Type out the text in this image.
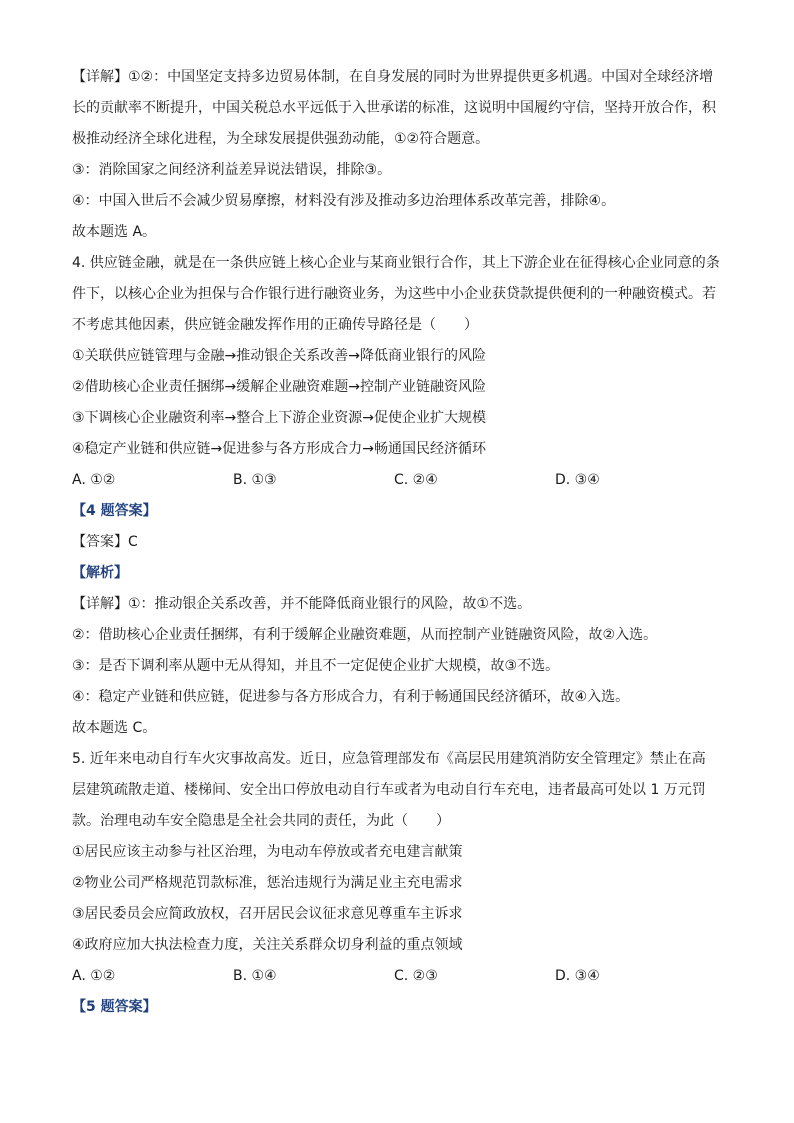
【详解】①②：中国坚定支持多边贸易体制，在自身发展的同时为世界提供更多机遇。中国对全球经济增
长的贡献率不断提升，中国关税总水平远低于入世承诺的标准，这说明中国履约守信，坚持开放合作，积
极推动经济全球化进程，为全球发展提供强劲动能，①②符合题意。
③：消除国家之间经济利益差异说法错误，排除③。
④：中国入世后不会减少贸易摩擦，材料没有涉及推动多边治理体系改革完善，排除④。
故本题选 A。
4. 供应链金融，就是在一条供应链上核心企业与某商业银行合作，其上下游企业在征得核心企业同意的条
件下，以核心企业为担保与合作银行进行融资业务，为这些中小企业获贷款提供便利的一种融资模式。若
不考虑其他因素，供应链金融发挥作用的正确传导路径是（　　）
①关联供应链管理与金融→推动银企关系改善→降低商业银行的风险
②借助核心企业责任捆绑→缓解企业融资难题→控制产业链融资风险
③下调核心企业融资利率→整合上下游企业资源→促使企业扩大规模
④稳定产业链和供应链→促进参与各方形成合力→畅通国民经济循环
A. ①②	B. ①③	C. ②④	D. ③④
【4 题答案】
【答案】C
【解析】
【详解】①：推动银企关系改善，并不能降低商业银行的风险，故①不选。
②：借助核心企业责任捆绑，有利于缓解企业融资难题，从而控制产业链融资风险，故②入选。
③：是否下调利率从题中无从得知，并且不一定促使企业扩大规模，故③不选。
④：稳定产业链和供应链，促进参与各方形成合力，有利于畅通国民经济循环，故④入选。
故本题选 C。
5. 近年来电动自行车火灾事故高发。近日，应急管理部发布《高层民用建筑消防安全管理定》禁止在高
层建筑疏散走道、楼梯间、安全出口停放电动自行车或者为电动自行车充电，违者最高可处以 1 万元罚
款。治理电动车安全隐患是全社会共同的责任，为此（　　）
①居民应该主动参与社区治理，为电动车停放或者充电建言献策
②物业公司严格规范罚款标准，惩治违规行为满足业主充电需求
③居民委员会应简政放权，召开居民会议征求意见尊重车主诉求
④政府应加大执法检查力度，关注关系群众切身利益的重点领域
A. ①②	B. ①④	C. ②③	D. ③④
【5 题答案】
